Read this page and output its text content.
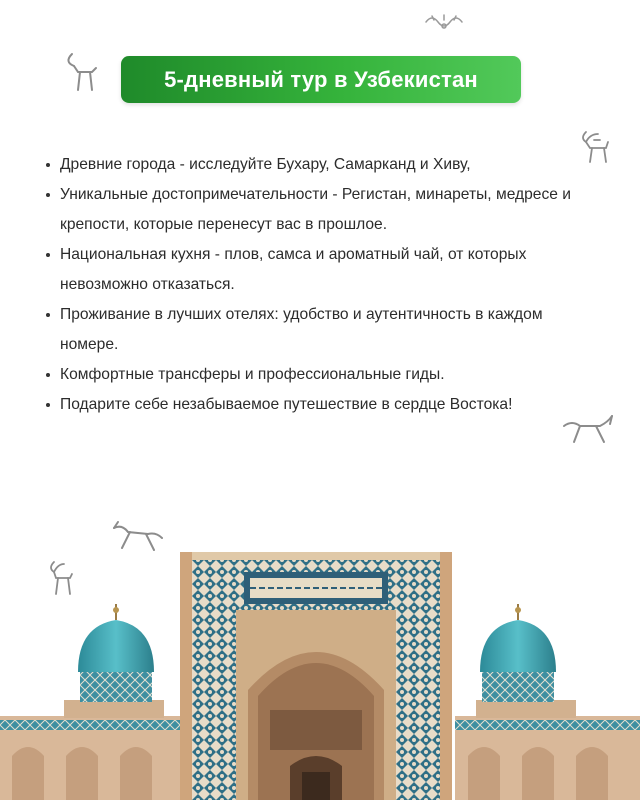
5-дневный тур в Узбекистан
Древние города - исследуйте Бухару, Самарканд и Хиву,
Уникальные достопримечательности - Регистан, минареты, медресе и крепости, которые перенесут вас в прошлое.
Национальная кухня - плов, самса и ароматный чай, от которых невозможно отказаться.
Проживание в лучших отелях: удобство и аутентичность в каждом номере.
Комфортные трансферы и профессиональные гиды.
Подарите себе незабываемое путешествие в сердце Востока!
